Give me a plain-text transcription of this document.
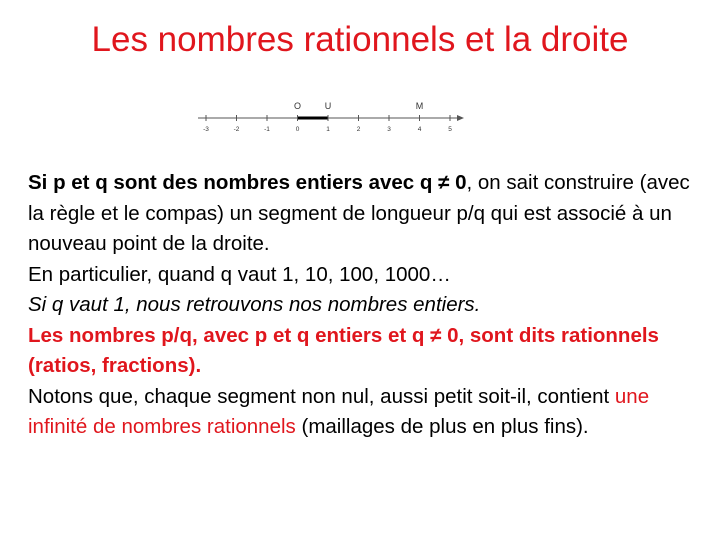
Les nombres rationnels et la droite
-3	-2	-1	0	1	2	3	4	5
O	U	M

Si p et q sont des nombres entiers avec q ≠ 0, on sait construire (avec la règle et le compas) un segment de longueur p/q qui est associé à un nouveau point de la droite.

En particulier, quand q vaut 1, 10, 100, 1000…

Si q vaut 1, nous retrouvons nos nombres entiers.

Les nombres p/q, avec p et q entiers et q ≠ 0, sont dits rationnels (ratios, fractions).

Notons que, chaque segment non nul, aussi petit soit-il, contient une infinité de nombres rationnels (maillages de plus en plus fins).
